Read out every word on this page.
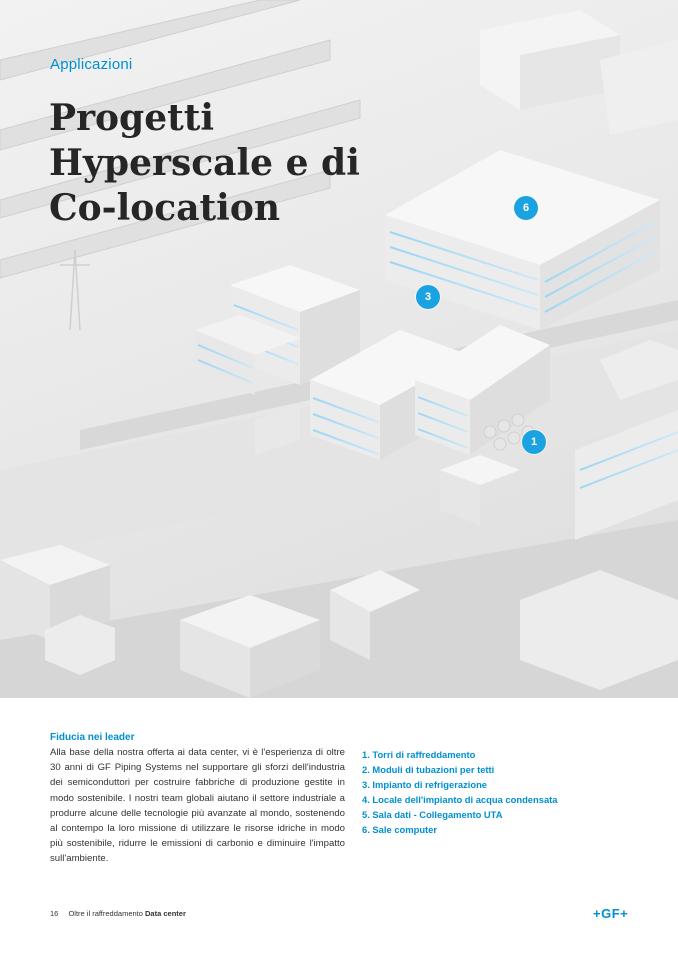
Applicazioni
Progetti
Hyperscale e di
Co-location	6
3
1
Fiducia nei leader

Alla base della nostra offerta ai data center, vi è l'esperienza di oltre 30 anni di GF Piping Systems nel supportare gli sforzi dell'industria dei semiconduttori per costruire fabbriche di produzione gestite in modo sostenibile. I nostri team globali aiutano il settore industriale a produrre alcune delle tecnologie più avanzate al mondo, sostenendo al contempo la loro missione di utilizzare le risorse idriche in modo più sostenibile, ridurre le emissioni di carbonio e diminuire l'impatto sull'ambiente.

1. Torri di raffreddamento
2. Moduli di tubazioni per tetti
3. Impianto di refrigerazione
4. Locale dell'impianto di acqua condensata
5. Sala dati - Collegamento UTA
6. Sale computer
16 Oltre il raffreddamento Data center	+GF+
